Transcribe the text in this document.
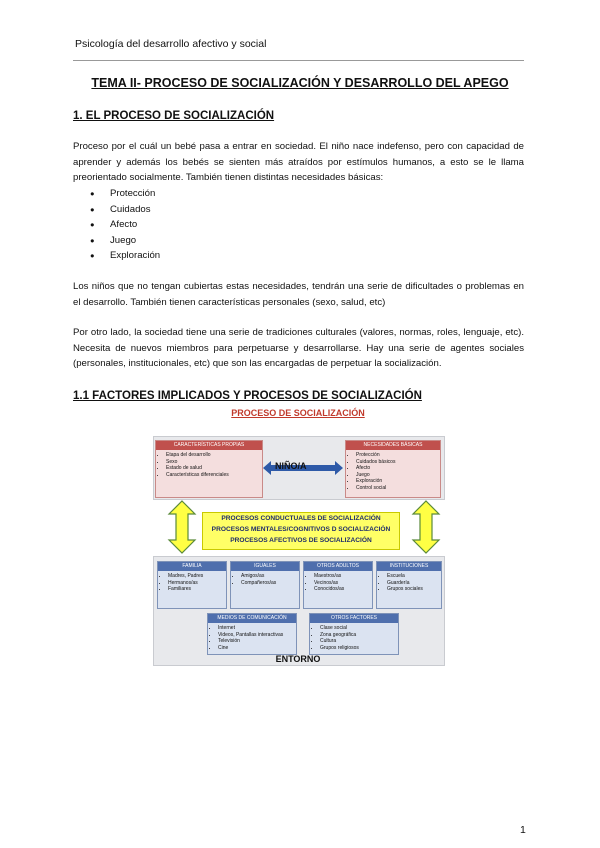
Psicología del desarrollo afectivo y social
TEMA II- PROCESO DE SOCIALIZACIÓN Y DESARROLLO DEL APEGO
1. EL PROCESO DE SOCIALIZACIÓN

Proceso por el cuál un bebé pasa a entrar en sociedad. El niño nace indefenso, pero con capacidad de aprender y además los bebés se sienten más atraídos por estímulos humanos, a esto se le llama preorientado socialmente. También tienen distintas necesidades básicas:

● Protección
● Cuidados
● Afecto
● Juego
● Exploración

Los niños que no tengan cubiertas estas necesidades, tendrán una serie de dificultades o problemas en el desarrollo. También tienen características personales (sexo, salud, etc)

Por otro lado, la sociedad tiene una serie de tradiciones culturales (valores, normas, roles, lenguaje, etc). Necesita de nuevos miembros para perpetuarse y desarrollarse. Hay una serie de agentes sociales (personales, institucionales, etc) que son las encargadas de perpetuar la socialización.

1.1 FACTORES IMPLICADOS Y PROCESOS DE SOCIALIZACIÓN
PROCESO DE SOCIALIZACIÓN
CARACTERÍSTICAS PROPIAS
• Etapa del desarrollo
• Sexo
• Estado de salud
• Características diferenciales
NIÑO/A
NECESIDADES BÁSICAS
• Protección
• Cuidados básicos
• Afecto
• Juego
• Exploración
• Control social
PROCESOS CONDUCTUALES DE SOCIALIZACIÓN
PROCESOS MENTALES/COGNITIVOS D SOCIALIZACIÓN
PROCESOS AFECTIVOS DE SOCIALIZACIÓN
FAMILIA
• Madres, Padres
• Hermanos/as
• Familiares
IGUALES
• Amigos/as
• Compañeros/as
OTROS ADULTOS
• Maestros/as
• Vecinos/as
• Conocidos/as
INSTITUCIONES
• Escuela
• Guardería
• Grupos sociales
MEDIOS DE COMUNICACIÓN
• Internet
• Videos, Pantallas interactivas
• Televisión
• Cine
OTROS FACTORES
• Clase social
• Zona geográfica
• Cultura
• Grupos religiosos
ENTORNO
1
